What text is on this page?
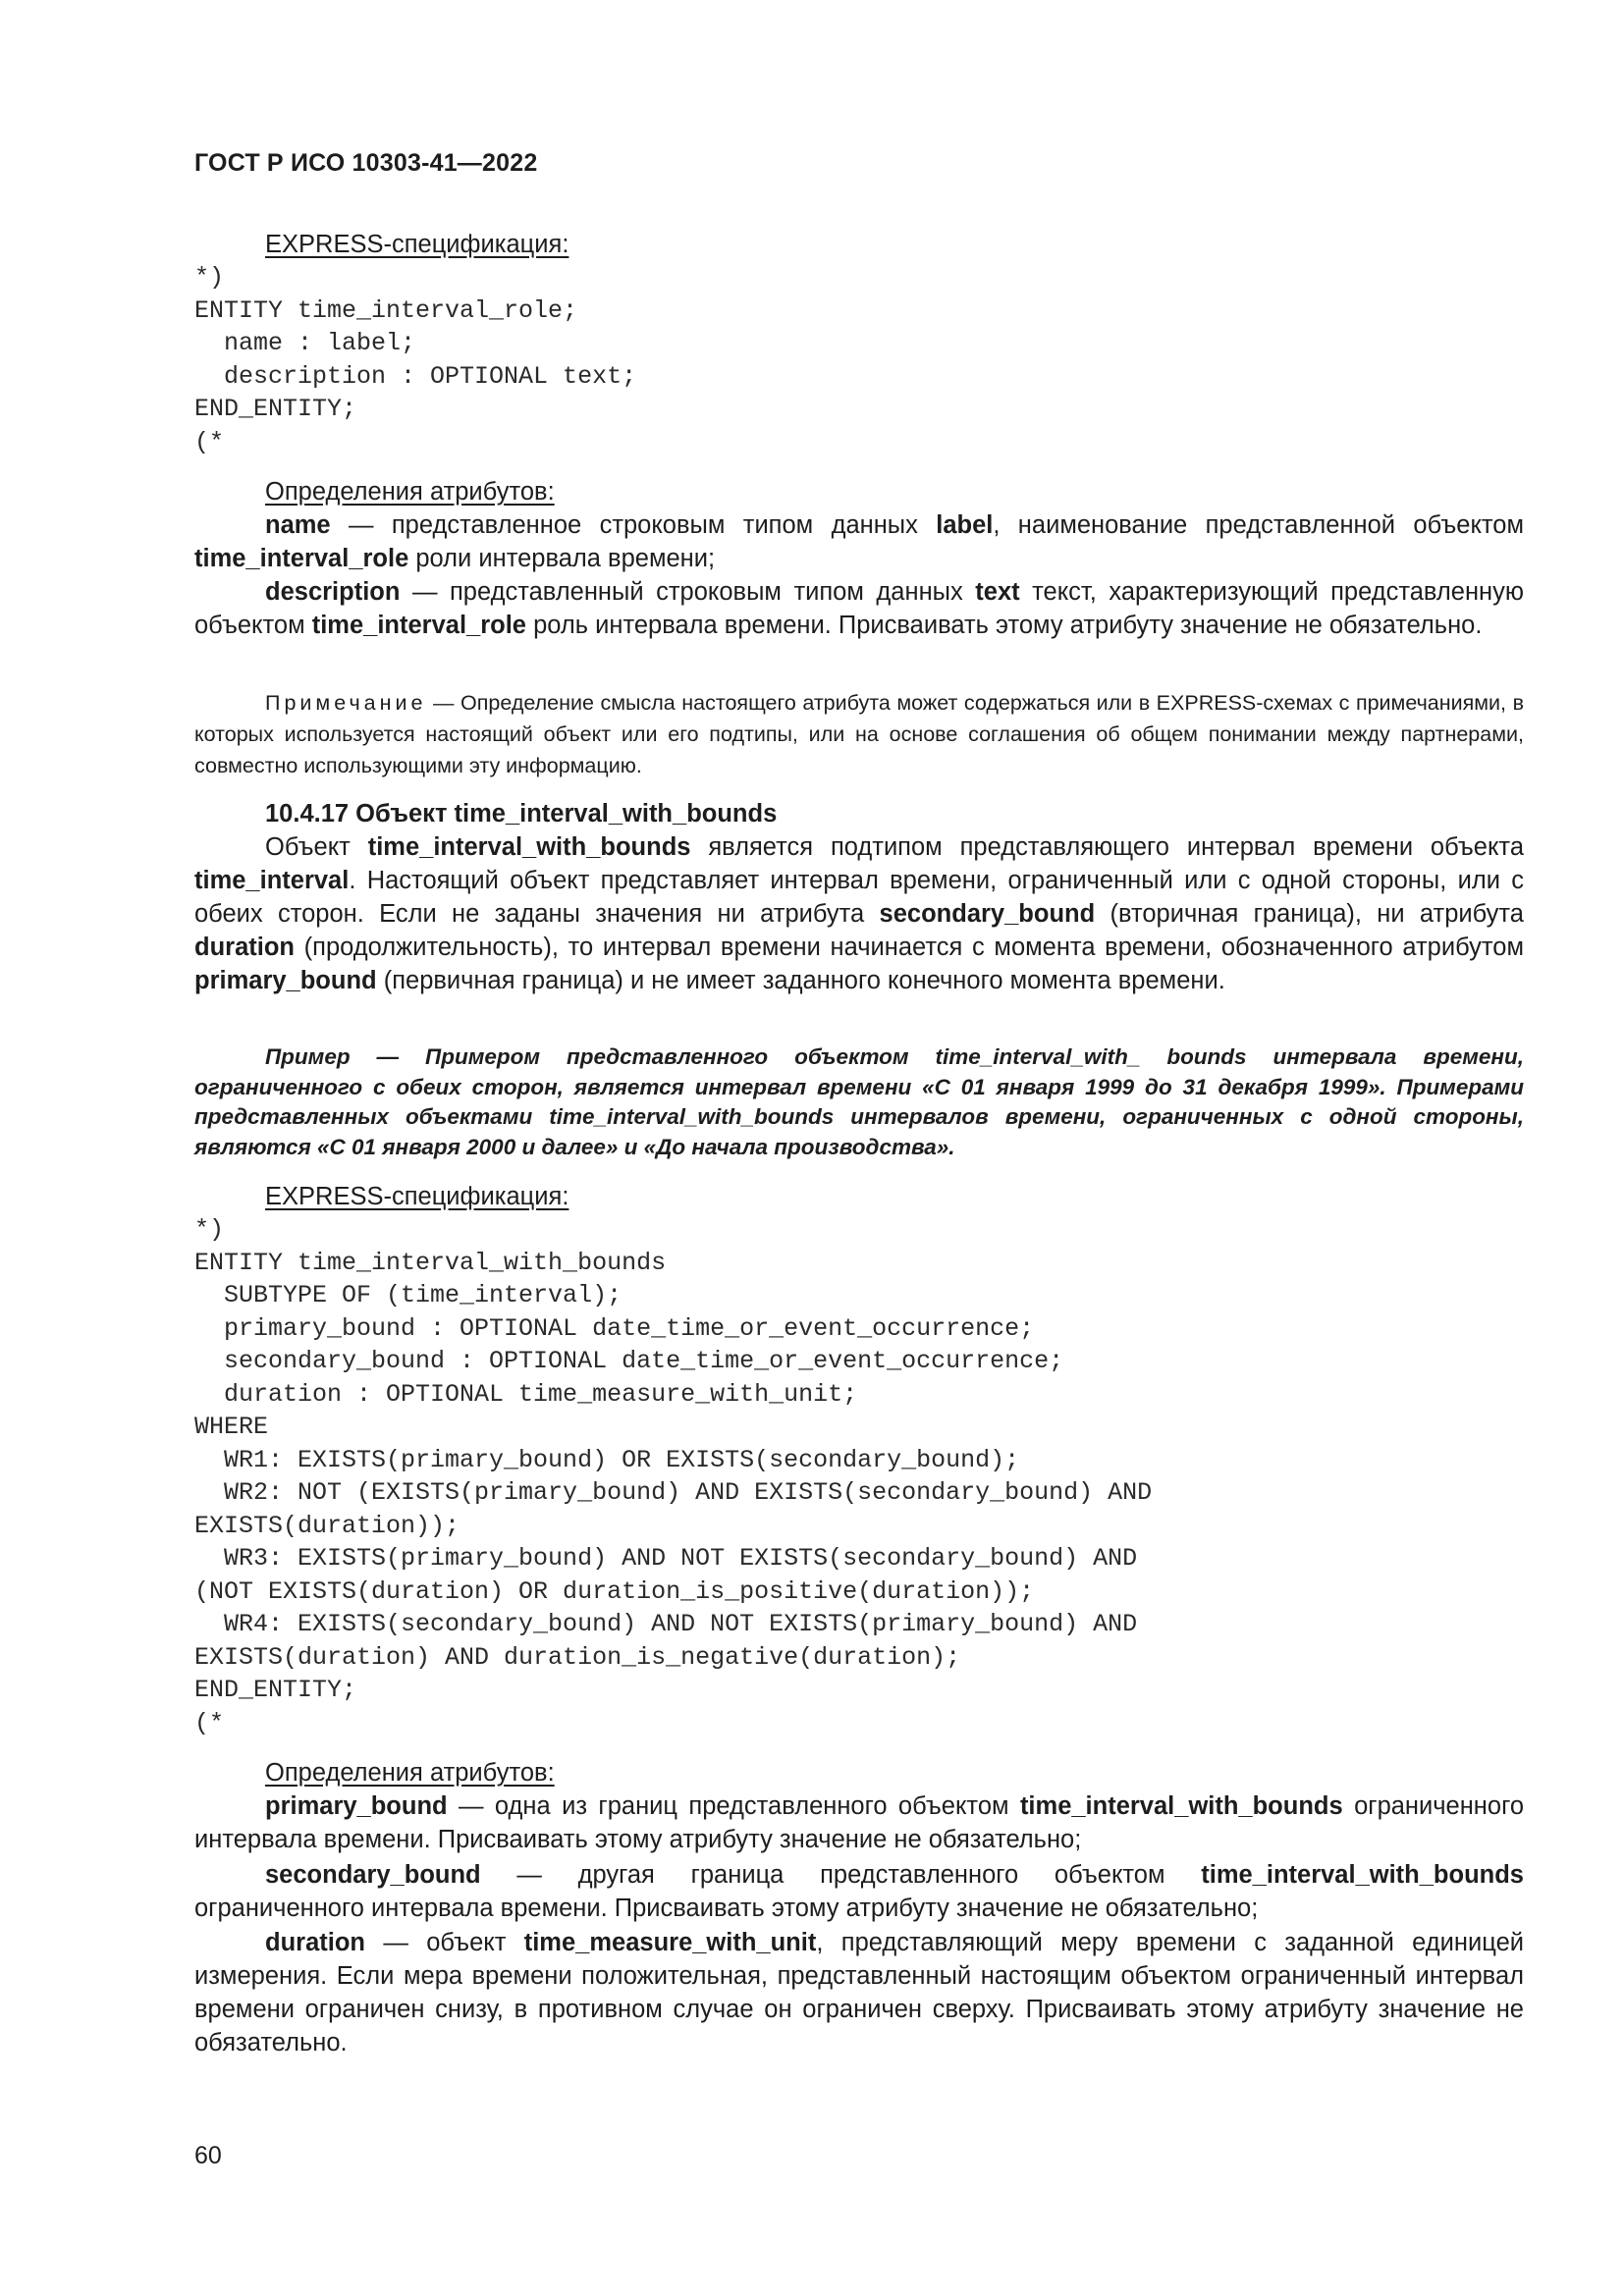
ГОСТ Р ИСО 10303-41—2022
EXPRESS-спецификация:
*)
ENTITY time_interval_role;
name : label;
description : OPTIONAL text;
END_ENTITY;
(*
Определения атрибутов:

name — представленное строковым типом данных label, наименование представленной объектом time_interval_role роли интервала времени;

description — представленный строковым типом данных text текст, характеризующий представленную объектом time_interval_role роль интервала времени. Присваивать этому атрибуту значение не обязательно.

Примечание — Определение смысла настоящего атрибута может содержаться или в EXPRESS-схемах с примечаниями, в которых используется настоящий объект или его подтипы, или на основе соглашения об общем понимании между партнерами, совместно использующими эту информацию.

10.4.17 Объект time_interval_with_bounds

Объект time_interval_with_bounds является подтипом представляющего интервал времени объекта time_interval. Настоящий объект представляет интервал времени, ограниченный или с одной стороны, или с обеих сторон. Если не заданы значения ни атрибута secondary_bound (вторичная граница), ни атрибута duration (продолжительность), то интервал времени начинается с момента времени, обозначенного атрибутом primary_bound (первичная граница) и не имеет заданного конечного момента времени.

Пример — Примером представленного объектом time_interval_with_ bounds интервала времени, ограниченного с обеих сторон, является интервал времени «С 01 января 1999 до 31 декабря 1999». Примерами представленных объектами time_interval_with_bounds интервалов времени, ограниченных с одной стороны, являются «С 01 января 2000 и далее» и «До начала производства».

EXPRESS-спецификация:
*)
ENTITY time_interval_with_bounds
SUBTYPE OF (time_interval);
primary_bound : OPTIONAL date_time_or_event_occurrence;
secondary_bound : OPTIONAL date_time_or_event_occurrence;
duration : OPTIONAL time_measure_with_unit;
WHERE
WR1: EXISTS(primary_bound) OR EXISTS(secondary_bound);
WR2: NOT (EXISTS(primary_bound) AND EXISTS(secondary_bound) AND
EXISTS(duration));
WR3: EXISTS(primary_bound) AND NOT EXISTS(secondary_bound) AND
(NOT EXISTS(duration) OR duration_is_positive(duration));
WR4: EXISTS(secondary_bound) AND NOT EXISTS(primary_bound) AND
EXISTS(duration) AND duration_is_negative(duration);
END_ENTITY;
(*
Определения атрибутов:

primary_bound — одна из границ представленного объектом time_interval_with_bounds ограниченного интервала времени. Присваивать этому атрибуту значение не обязательно;

secondary_bound — другая граница представленного объектом time_interval_with_bounds ограниченного интервала времени. Присваивать этому атрибуту значение не обязательно;

duration — объект time_measure_with_unit, представляющий меру времени с заданной единицей измерения. Если мера времени положительная, представленный настоящим объектом ограниченный интервал времени ограничен снизу, в противном случае он ограничен сверху. Присваивать этому атрибуту значение не обязательно.

60
